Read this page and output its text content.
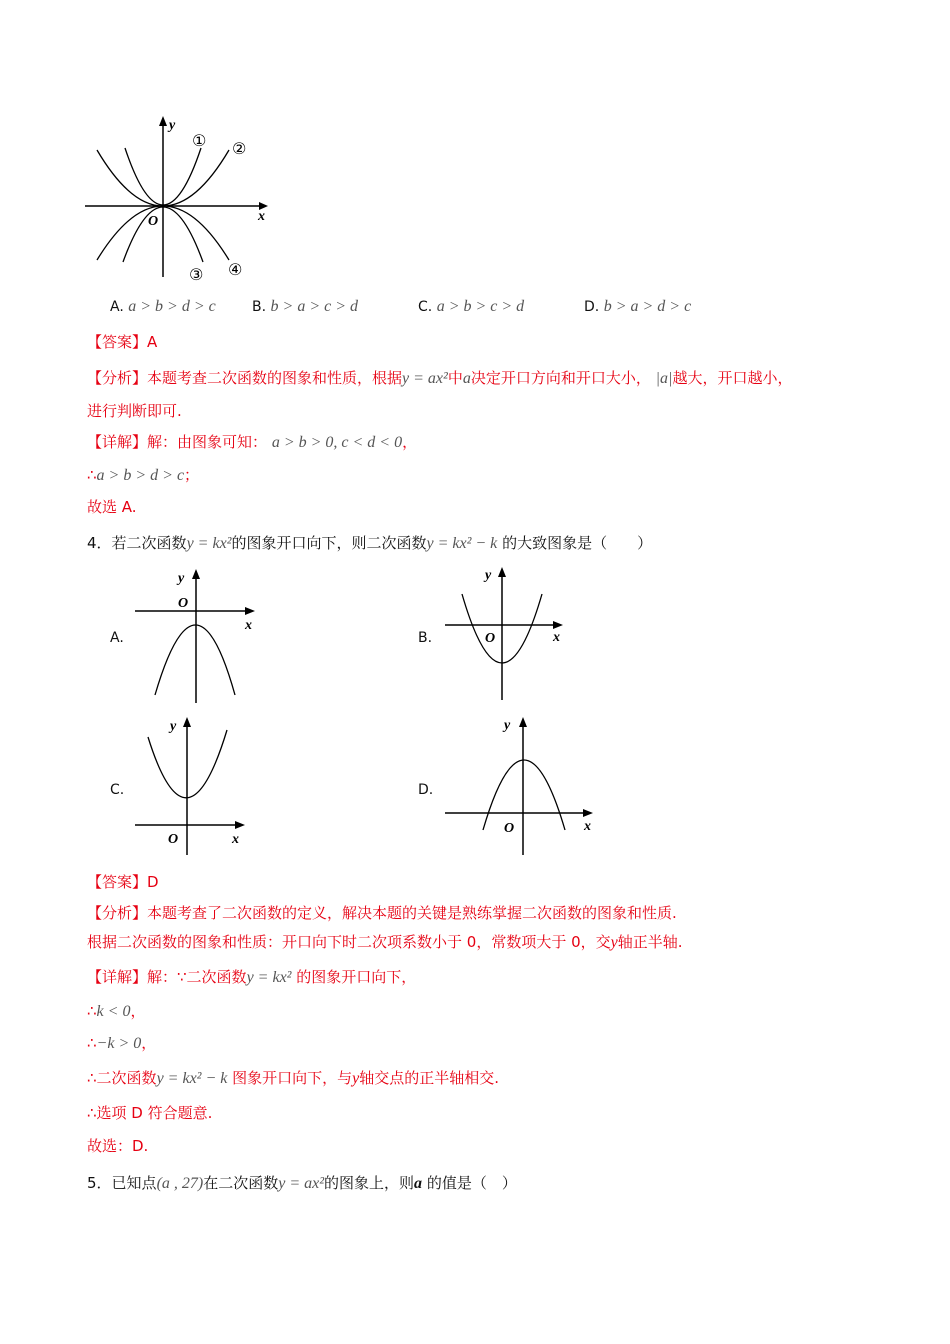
y
x
O
① ②
③ ④
A. a > b > d > c	B. b > a > c > d	C. a > b > c > d	D. b > a > d > c
【答案】A
【分析】本题考查二次函数的图象和性质，根据y = ax²中a决定开口方向和开口大小， |a|越大，开口越小，
进行判断即可.
【详解】解：由图象可知： a > b > 0, c < d < 0，
∴a > b > d > c；
故选 A.
4．若二次函数y = kx²的图象开口向下，则二次函数y = kx² − k 的大致图象是（　　）
A.	B.
C.	D.
y
O
x
y
O	x
y
O	x
y
O	x
【答案】D
【分析】本题考查了二次函数的定义，解决本题的关键是熟练掌握二次函数的图象和性质.
根据二次函数的图象和性质：开口向下时二次项系数小于 0，常数项大于 0，交y轴正半轴.
【详解】解：∵二次函数y = kx² 的图象开口向下，
∴k < 0，
∴−k > 0，
∴二次函数y = kx² − k 图象开口向下，与y轴交点的正半轴相交.
∴选项 D 符合题意.
故选：D.
5．已知点(a , 27)在二次函数y = ax²的图象上，则a 的值是（　）
